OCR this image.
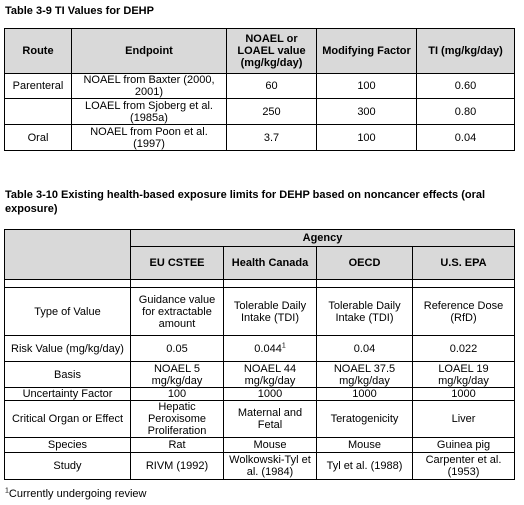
Table 3-9 TI Values for DEHP
Route	Endpoint	NOAEL or LOAEL value (mg/kg/day)	Modifying Factor	TI (mg/kg/day)
Parenteral	NOAEL from Baxter (2000, 2001)	60	100	0.60
	LOAEL from Sjoberg et al. (1985a)	250	300	0.80
Oral	NOAEL from Poon et al. (1997)	3.7	100	0.04
Table 3-10 Existing health-based exposure limits for DEHP based on noncancer effects (oral exposure)
	Agency			
	EU CSTEE	Health Canada	OECD	U.S. EPA

Type of Value	Guidance value for extractable amount	Tolerable Daily Intake (TDI)	Tolerable Daily Intake (TDI)	Reference Dose (RfD)
Risk Value (mg/kg/day)	0.05	0.044$^1$	0.04	0.022
Basis	NOAEL 5 mg/kg/day	NOAEL 44 mg/kg/day	NOAEL 37.5 mg/kg/day	LOAEL 19 mg/kg/day
Uncertainty Factor	100	1000	1000	1000
Critical Organ or Effect	Hepatic Peroxisome Proliferation	Maternal and Fetal	Teratogenicity	Liver
Species	Rat	Mouse	Mouse	Guinea pig
Study	RIVM (1992)	Wolkowski-Tyl et al. (1984)	Tyl et al. (1988)	Carpenter et al. (1953)
$^1$Currently undergoing review
